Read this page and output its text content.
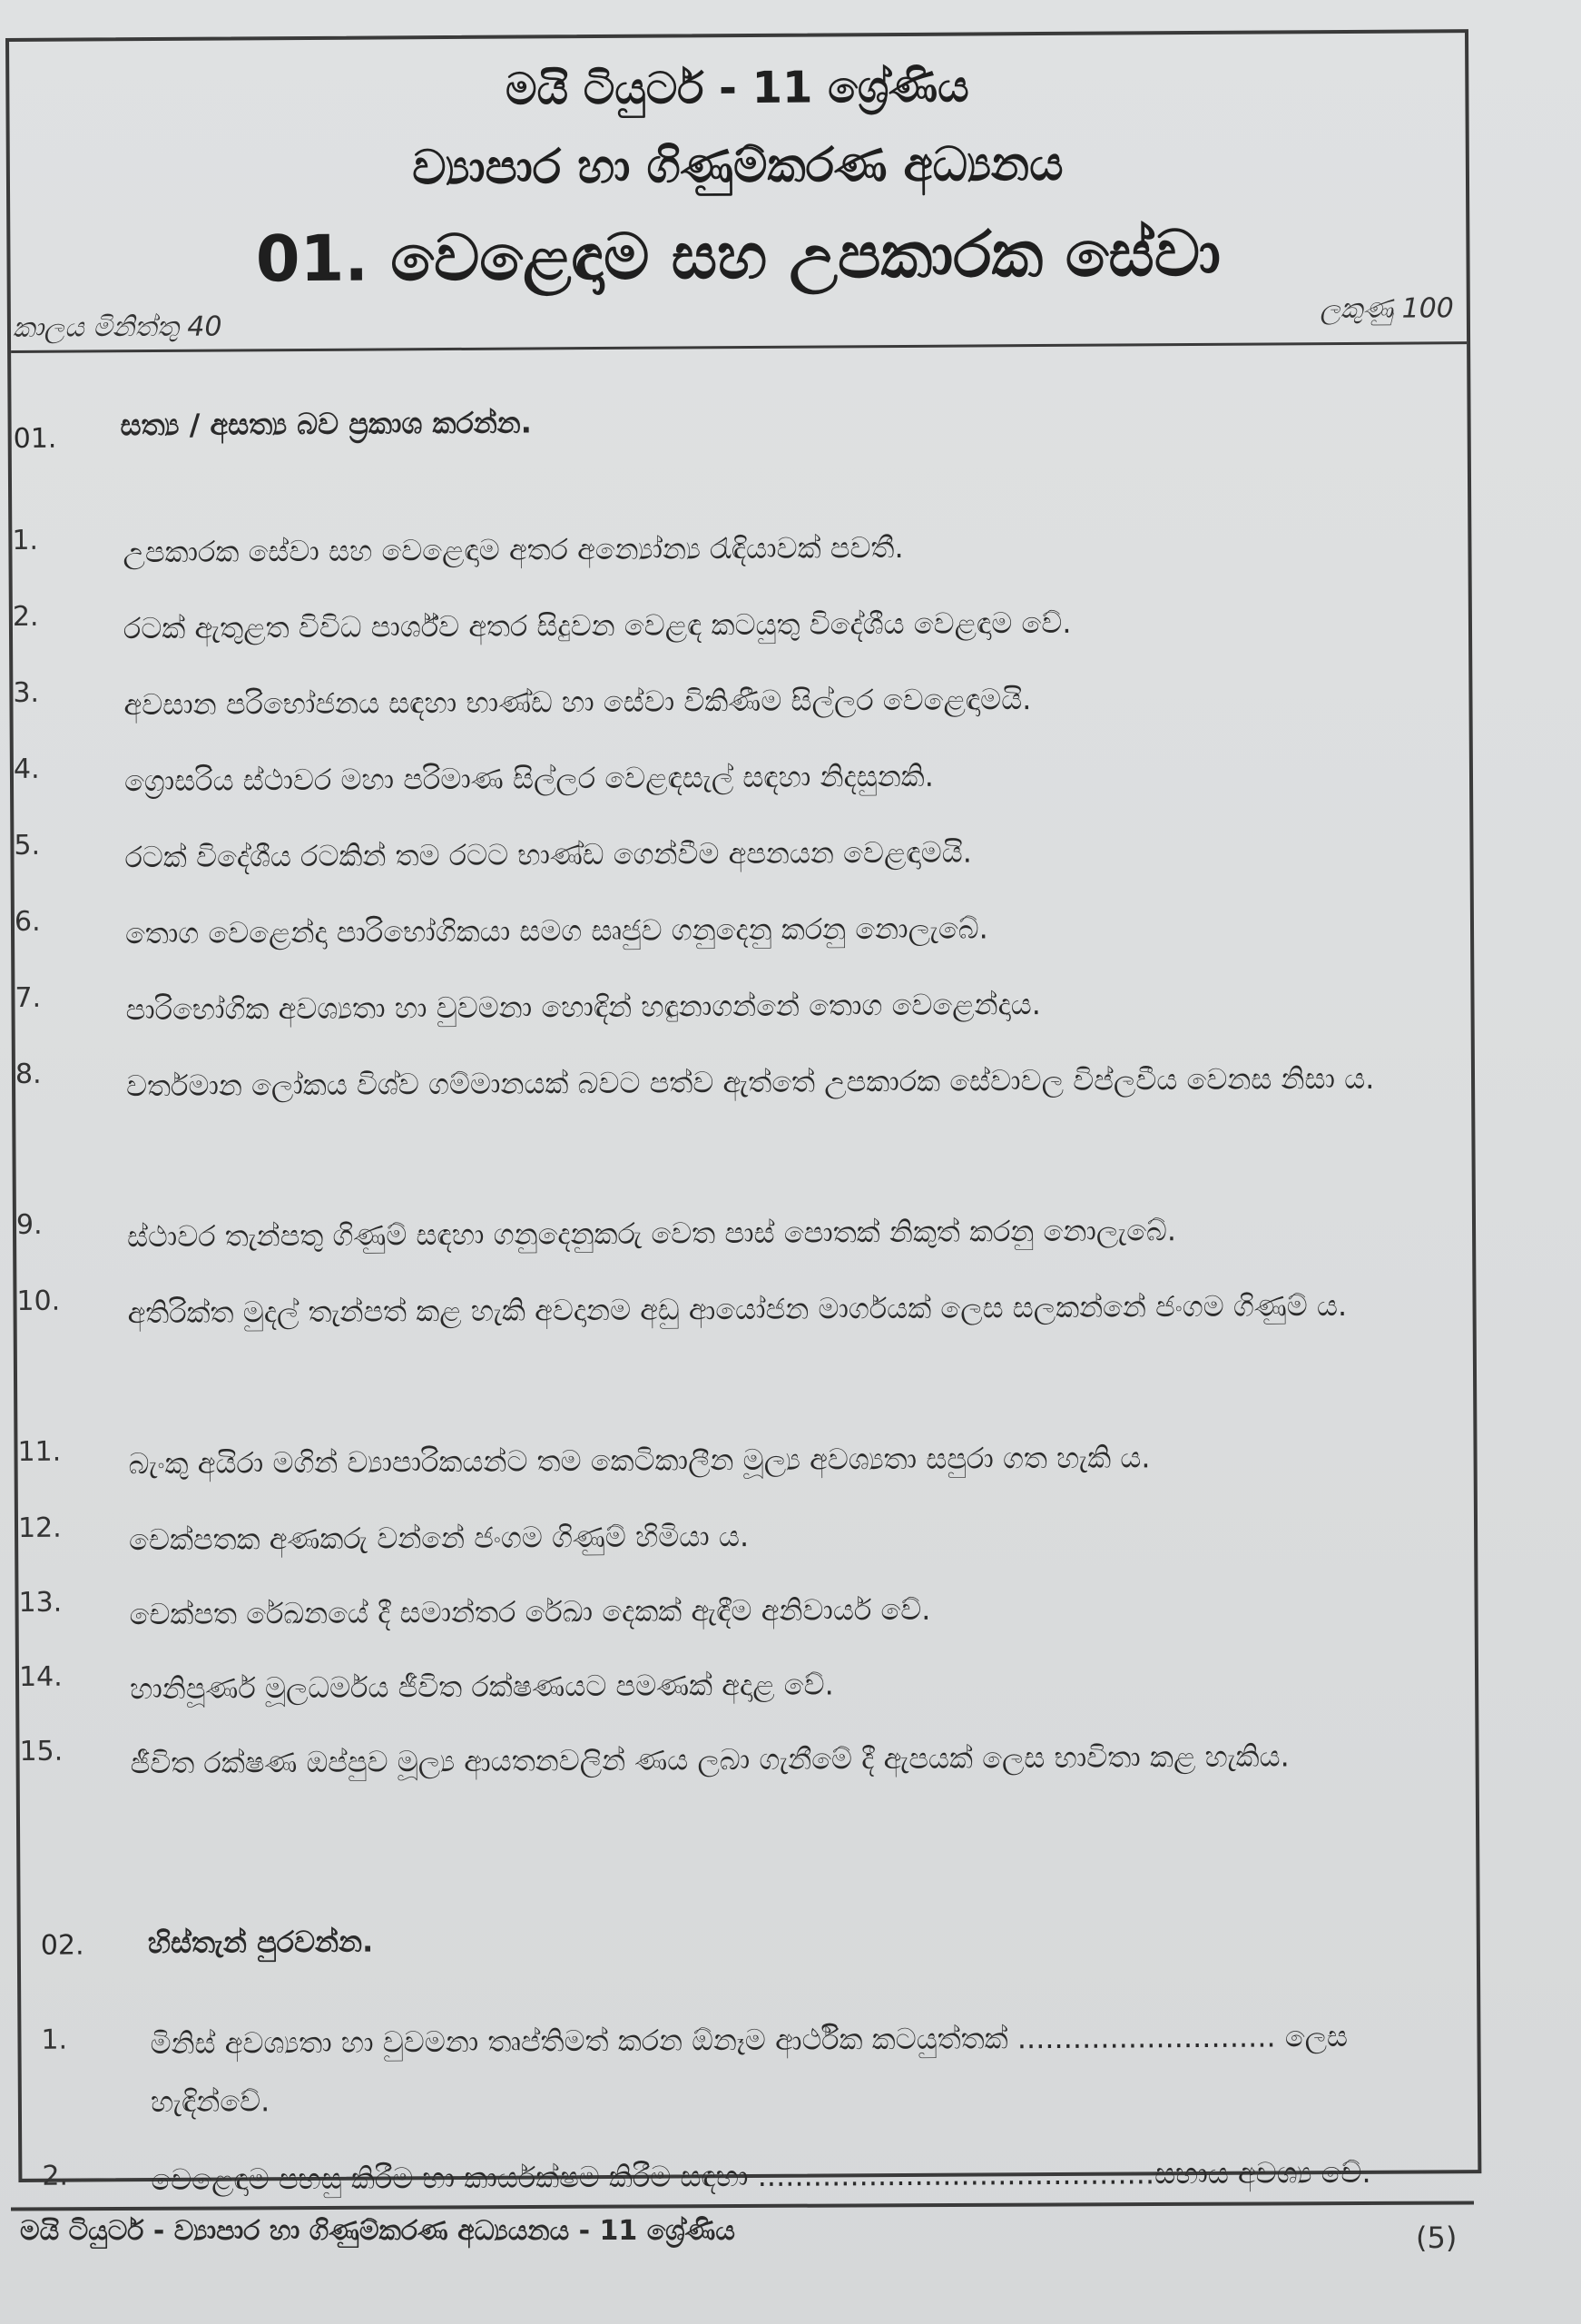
මයි ටියුටර් - 11 ශ්‍රේණිය
ව්‍යාපාර හා ගිණුම්කරණ අධ්‍යනය
01. වෙළෙඳාම සහ උපකාරක සේවා
කාලය මිනිත්තු 40
ලකුණු 100
01. සත්‍ය / අසත්‍ය බව ප්‍රකාශ කරන්න.
1.	උපකාරක සේවා සහ වෙළෙඳාම අතර අන්‍යෝන්‍ය රැඳියාවක් පවතී.
2.	රටක් ඇතුළත විවිධ පාර්ශ්ව අතර සිදුවන වෙළඳ කටයුතු විදේශීය වෙළඳාම වේ.
3.	අවසාන පරිභෝජනය සඳහා භාණ්ඩ හා සේවා විකිණීම සිල්ලර වෙළෙඳාමයි.
4.	ග්‍රොසරිය ස්ථාවර මහා පරිමාණ සිල්ලර වෙළඳසැල් සඳහා නිදසුනකි.
5.	රටක් විදේශීය රටකින් තම රටට භාණ්ඩ ගෙන්වීම අපනයන වෙළඳාමයි.
6.	තොග වෙළෙන්දා පාරිභෝගිකයා සමග සෘජුව ගනුදෙනු කරනු නොලැබේ.
7.	පාරිභෝගික අවශ්‍යතා හා වුවමනා හොඳින් හඳුනාගන්නේ තොග වෙළෙන්දාය.
8.	වර්තමාන ලෝකය විශ්ව ගම්මානයක් බවට පත්ව ඇත්තේ උපකාරක සේවාවල විප්ලවීය වෙනස නිසා ය.
9.	ස්ථාවර තැන්පතු ගිණුම් සඳහා ගනුදෙනුකරු වෙත පාස් පොතක් නිකුත් කරනු නොලැබේ.
10. අතිරික්ත මුදල් තැන්පත් කළ හැකි අවදානම අඩු ආයෝජන මාර්ගයක් ලෙස සලකන්නේ ජංගම ගිණුම් ය.
11. බැංකු අයිරා මගින් ව්‍යාපාරිකයන්ට තම කෙටිකාලීන මූල්‍ය අවශ්‍යතා සපුරා ගත හැකි ය.
12. චෙක්පතක අණකරු වන්නේ ජංගම ගිණුම් හිමියා ය.
13. චෙක්පත රේඛනයේ දී සමාන්තර රේඛා දෙකක් ඇඳීම අනිවාර්ය වේ.
14. හානිපූර්ණ මූලධර්මය ජීවිත රක්ෂණයට පමණක් අදාළ වේ.
15. ජීවිත රක්ෂණ ඔප්පුව මූල්‍ය ආයතනවලින් ණය ලබා ගැනීමේ දී ඇපයක් ලෙස භාවිතා කළ හැකිය.
02. හිස්තැන් පුරවන්න.
1.	මිනිස් අවශ්‍යතා හා වුවමනා තෘප්තිමත් කරන ඕනෑම ආර්ථික කටයුත්තක් ............................ ලෙස හැඳින්වේ.
2.	වෙළෙඳාම පහසු කිරීම හා කාර්යක්ෂම කිරීම සඳහා ...........................................සහාය අවශ්‍ය වේ.
මයි ටියුටර් - ව්‍යාපාර හා ගිණුම්කරණ අධ්‍යයනය - 11 ශ්‍රේණිය	(5)
